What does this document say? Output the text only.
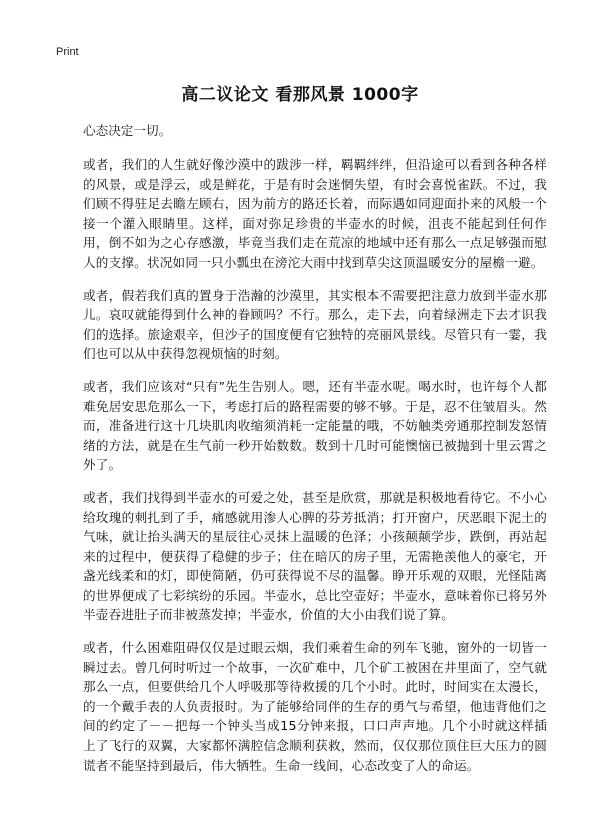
Print
高二议论文 看那风景 1000字

心态决定一切。

或者，我们的人生就好像沙漠中的跋涉一样，羁羁绊绊，但沿途可以看到各种各样的风景，或是浮云，或是鲜花，于是有时会迷惘失望，有时会喜悦雀跃。不过，我们顾不得驻足去瞻左顾右，因为前方的路还长着，而际遇如同迎面扑来的风般一个接一个灌入眼睛里。这样，面对弥足珍贵的半壶水的时候，沮丧不能起到任何作用，倒不如为之心存感激，毕竟当我们走在荒凉的地域中还有那么一点足够强而慰人的支撑。状况如同一只小瓢虫在滂沱大雨中找到草尖这顶温暖安分的屋檐一避。

或者，假若我们真的置身于浩瀚的沙漠里，其实根本不需要把注意力放到半壶水那儿。哀叹就能得到什么神的眷顾吗？不行。那么，走下去，向着绿洲走下去才识我们的选择。旅途艰辛，但沙子的国度便有它独特的亮丽风景线。尽管只有一霎，我们也可以从中获得忽视烦恼的时刻。

或者，我们应该对“只有”先生告别人。嗯，还有半壶水呢。喝水时，也许每个人都难免居安思危那么一下，考虑打后的路程需要的够不够。于是，忍不住皱眉头。然而，准备进行这十几块肌肉收缩须消耗一定能量的哦，不妨触类旁通那控制发怒情绪的方法，就是在生气前一秒开始数数。数到十几时可能懊恼已被抛到十里云霄之外了。

或者，我们找得到半壶水的可爱之处，甚至是欣赏，那就是积极地看待它。不小心给玫瑰的刺扎到了手，痛感就用渗人心脾的芬芳抵消；打开窗户，厌恶眼下泥土的气味，就让抬头满天的星辰往心灵抹上温暖的色泽；小孩颠颠学步，跌倒，再站起来的过程中，便获得了稳健的步子；住在暗仄的房子里，无需艳羡他人的豪宅，开盏光线柔和的灯，即使简陋，仍可获得说不尽的温馨。睁开乐观的双眼，光怪陆离的世界便成了七彩缤纷的乐园。半壶水，总比空壶好；半壶水，意味着你已将另外半壶吞进肚子而非被蒸发掉；半壶水，价值的大小由我们说了算。

或者，什么困难阻碍仅仅是过眼云烟，我们乘着生命的列车飞驰，窗外的一切皆一瞬过去。曾几何时听过一个故事，一次矿难中，几个矿工被困在井里面了，空气就那么一点，但要供给几个人呼吸那等待救援的几个小时。此时，时间实在太漫长，的一个戴手表的人负责报时。为了能够给同伴的生存的勇气与希望，他违背他们之间的约定了－－把每一个钟头当成15分钟来报，口口声声地。几个小时就这样插上了飞行的双翼，大家都怀满腔信念顺利获救，然而，仅仅那位顶住巨大压力的圆谎者不能坚持到最后，伟大牺牲。生命一线间，心态改变了人的命运。
